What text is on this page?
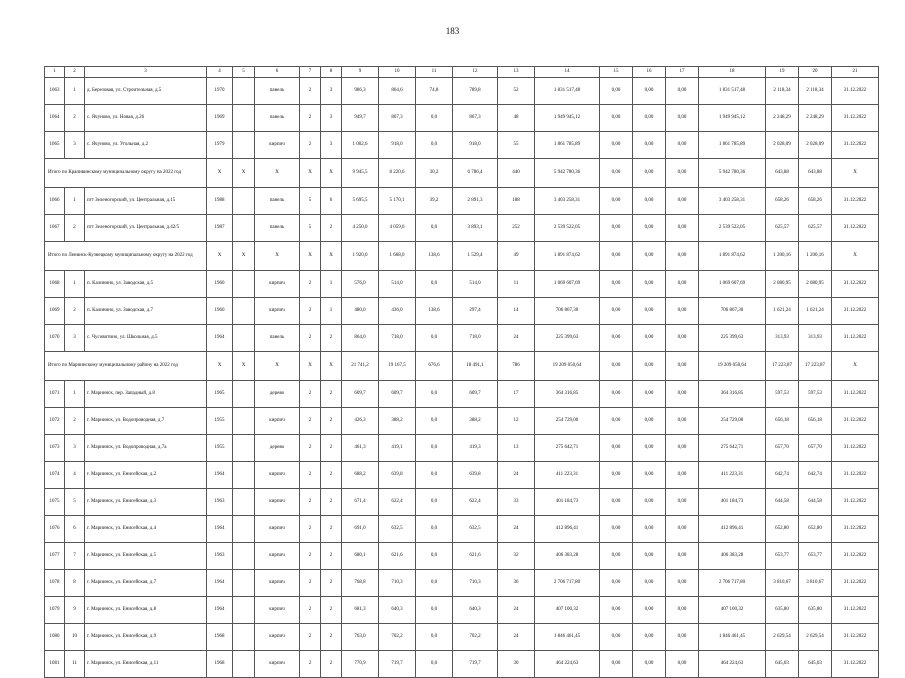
183
1	2	3	4	5	6	7	8	9	10	11	12	13	14	15	16	17	18	19	20	21
1063	1	д. Березовая, ул. Строительная, д.5	1970		панель	2	3	986,3	864,6	74,8	789,8	52	1 831 517,48	0,00	0,00	0,00	1 831 517,48	2 118,34	2 118,34	31.12.2022
1064	2	с. Ячуново, ул. Новая, д.26	1969		панель	2	3	949,7	867,3	0,0	867,3	48	1 949 945,12	0,00	0,00	0,00	1 949 945,12	2 248,29	2 248,29	31.12.2022
1065	3	с. Ячуново, ул. Угольная, д.2	1979		кирпич	2	3	1 002,6	918,0	0,0	918,0	55	1 861 785,89	0,00	0,00	0,00	1 861 785,89	2 028,09	2 028,09	31.12.2022
Итого по Крапивинскому муниципальному округу на 2022 год			X	X	X	X	X	9 945,5	8 220,6	30,2	6 786,4	440	5 942 780,36	0,00	0,00	0,00	5 942 780,36	643,88	643,88	X
1066	1	пгт Зеленогорский, ул. Центральная, д.15	1988		панель	5	6	5 695,5	5 170,1	39,2	2 891,3	188	3 403 258,31	0,00	0,00	0,00	3 403 258,31	658,26	658,26	31.12.2022
1067	2	пгт Зеленогорский, ул. Центральная, д.42/5	1987		панель	5	2	4 250,0	4 059,6	0,0	3 893,1	252	2 539 522,05	0,00	0,00	0,00	2 539 522,05	625,57	625,57	31.12.2022
Итого по Ленинск-Кузнецкому муниципальному округу на 2022 год			X	X	X	X	X	1 920,0	1 668,0	138,6	1 529,4	49	1 891 874,62	0,00	0,00	0,00	1 891 874,62	1 200,16	1 200,16	X
1068	1	п. Калинино, ул. Заводская, д.5	1960		кирпич	2	1	576,0	514,0	0,0	514,0	11	1 069 607,69	0,00	0,00	0,00	1 069 607,69	2 080,95	2 080,95	31.12.2022
1069	2	п. Калинино, ул. Заводская, д.7	1960		кирпич	2	1	480,0	436,0	138,6	297,4	14	706 867,30	0,00	0,00	0,00	706 867,30	1 621,24	1 621,24	31.12.2022
1070	3	с. Чусовитино, ул. Школьная, д.5	1964		панель	2	2	864,0	718,0	0,0	718,0	24	225 399,63	0,00	0,00	0,00	225 399,63	313,93	313,93	31.12.2022
Итого по Мариинскому муниципальному району на 2022 год			X	X	X	X	X	21 741,2	19 167,5	676,6	18 491,1	786	19 209 050,64	0,00	0,00	0,00	19 209 050,64	17 223,87	17 223,87	X
1071	1	г. Мариинск, пер. Западный, д.8	1965		дерево	2	2	609,7	609,7	0,0	609,7	17	364 316,85	0,00	0,00	0,00	364 316,85	597,53	597,53	31.12.2022
1072	2	г. Мариинск, ул. Водопроводная, д.7	1955		кирпич	2	2	426,3	388,2	0,0	388,2	12	254 729,00	0,00	0,00	0,00	254 729,00	656,18	656,18	31.12.2022
1073	3	г. Мариинск, ул. Водопроводная, д.7а	1955		дерево	2	2	461,3	419,1	0,0	419,3	13	275 642,71	0,00	0,00	0,00	275 642,71	657,70	657,70	31.12.2022
1074	4	г. Мариинск, ул. Енисейская, д.2	1964		кирпич	2	2	688,2	639,8	0,0	639,8	24	411 223,31	0,00	0,00	0,00	411 223,31	642,74	642,74	31.12.2022
1075	5	г. Мариинск, ул. Енисейская, д.3	1963		кирпич	2	2	671,4	622,4	0,0	622,4	33	401 184,73	0,00	0,00	0,00	401 184,73	644,58	644,58	31.12.2022
1076	6	г. Мариинск, ул. Енисейская, д.4	1964		кирпич	2	2	691,0	632,5	0,0	632,5	24	412 896,41	0,00	0,00	0,00	412 896,41	652,80	652,80	31.12.2022
1077	7	г. Мариинск, ул. Енисейская, д.5	1963		кирпич	2	2	680,1	621,6	0,0	621,6	32	406 383,28	0,00	0,00	0,00	406 383,28	653,77	653,77	31.12.2022
1078	8	г. Мариинск, ул. Енисейская, д.7	1964		кирпич	2	2	768,8	710,3	0,0	710,3	36	2 706 717,80	0,00	0,00	0,00	2 706 717,80	3 810,67	3 810,67	31.12.2022
1079	9	г. Мариинск, ул. Енисейская, д.8	1964		кирпич	2	2	681,3	640,3	0,0	640,3	24	407 100,32	0,00	0,00	0,00	407 100,32	635,80	635,80	31.12.2022
1080	10	г. Мариинск, ул. Енисейская, д.9	1968		кирпич	2	2	763,0	702,2	0,0	702,2	24	1 846 461,45	0,00	0,00	0,00	1 846 461,45	2 629,54	2 629,54	31.12.2022
1081	11	г. Мариинск, ул. Енисейская, д.11	1968		кирпич	2	2	770,9	719,7	0,0	719,7	30	464 224,63	0,00	0,00	0,00	464 224,63	645,03	645,03	31.12.2022
